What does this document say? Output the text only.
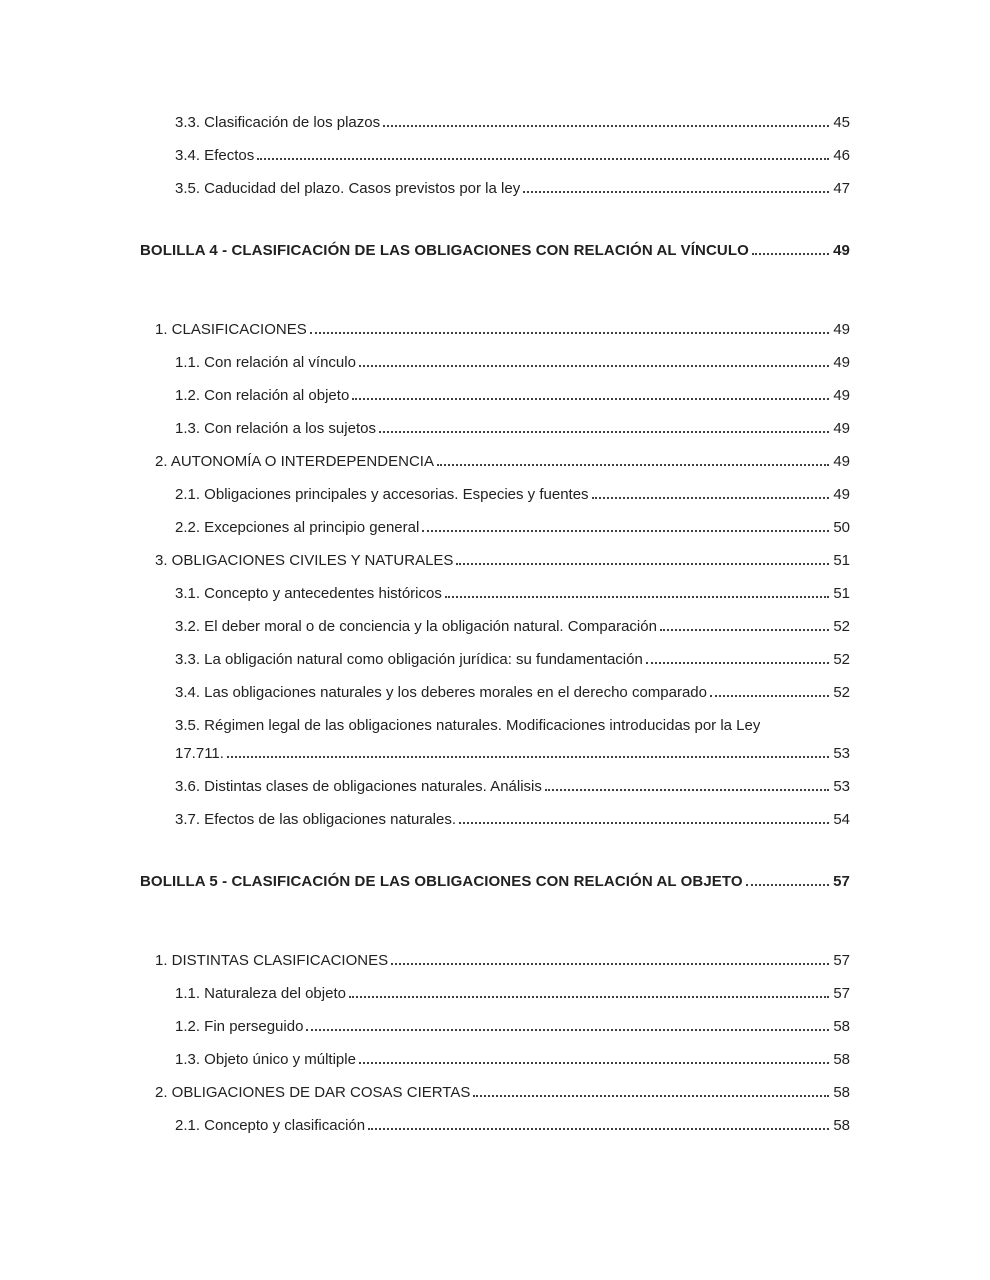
3.3. Clasificación de los plazos	45
3.4. Efectos	46
3.5. Caducidad del plazo. Casos previstos por la ley	47
BOLILLA 4 - CLASIFICACIÓN DE LAS OBLIGACIONES CON RELACIÓN AL VÍNCULO	49
1. CLASIFICACIONES	49
1.1. Con relación al vínculo	49
1.2. Con relación al objeto	49
1.3. Con relación a los sujetos	49
2. AUTONOMÍA O INTERDEPENDENCIA	49
2.1. Obligaciones principales y accesorias. Especies y fuentes	49
2.2. Excepciones al principio general	50
3. OBLIGACIONES CIVILES Y NATURALES	51
3.1. Concepto y antecedentes históricos	51
3.2. El deber moral o de conciencia y la obligación natural. Comparación	52
3.3. La obligación natural como obligación jurídica: su fundamentación	52
3.4. Las obligaciones naturales y los deberes morales en el derecho comparado	52
3.5. Régimen legal de las obligaciones naturales. Modificaciones introducidas por la Ley
17.711.	53
3.6. Distintas clases de obligaciones naturales. Análisis	53
3.7. Efectos de las obligaciones naturales.	54
BOLILLA 5 - CLASIFICACIÓN DE LAS OBLIGACIONES CON RELACIÓN AL OBJETO	57
1. DISTINTAS CLASIFICACIONES	57
1.1. Naturaleza del objeto	57
1.2. Fin perseguido	58
1.3. Objeto único y múltiple	58
2. OBLIGACIONES DE DAR COSAS CIERTAS	58
2.1. Concepto y clasificación	58
